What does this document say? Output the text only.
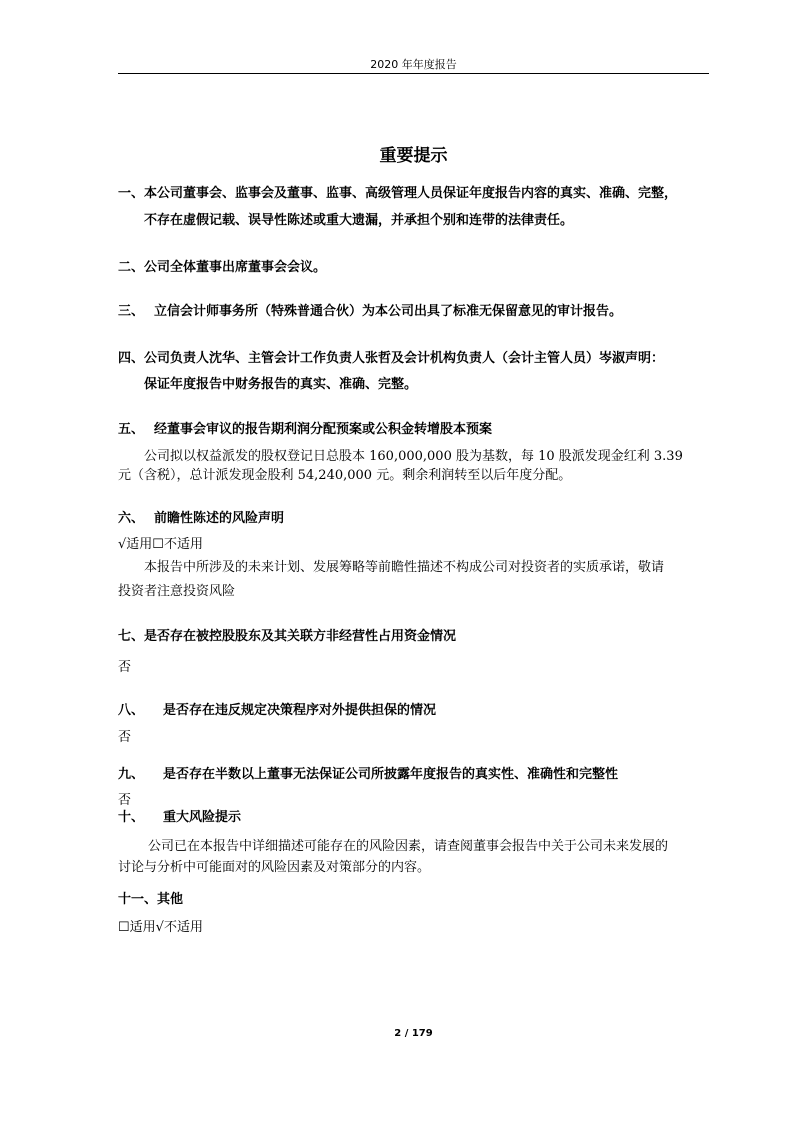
2020 年年度报告
重要提示
一、本公司董事会、监事会及董事、监事、高级管理人员保证年度报告内容的真实、准确、完整，
不存在虚假记载、误导性陈述或重大遗漏，并承担个别和连带的法律责任。
二、公司全体董事出席董事会会议。
三、 立信会计师事务所（特殊普通合伙）为本公司出具了标准无保留意见的审计报告。
四、公司负责人沈华、主管会计工作负责人张哲及会计机构负责人（会计主管人员）岑淑声明：
保证年度报告中财务报告的真实、准确、完整。
五、 经董事会审议的报告期利润分配预案或公积金转增股本预案
公司拟以权益派发的股权登记日总股本 160,000,000 股为基数，每 10 股派发现金红利 3.39
元（含税），总计派发现金股利 54,240,000 元。剩余利润转至以后年度分配。
六、 前瞻性陈述的风险声明
√适用☐不适用
本报告中所涉及的未来计划、发展筹略等前瞻性描述不构成公司对投资者的实质承诺，敬请
投资者注意投资风险
七、是否存在被控股股东及其关联方非经营性占用资金情况
否
八、 是否存在违反规定决策程序对外提供担保的情况
否
九、 是否存在半数以上董事无法保证公司所披露年度报告的真实性、准确性和完整性
否
十、 重大风险提示
公司已在本报告中详细描述可能存在的风险因素，请查阅董事会报告中关于公司未来发展的
讨论与分析中可能面对的风险因素及对策部分的内容。
十一、其他
☐适用√不适用
2 / 179
